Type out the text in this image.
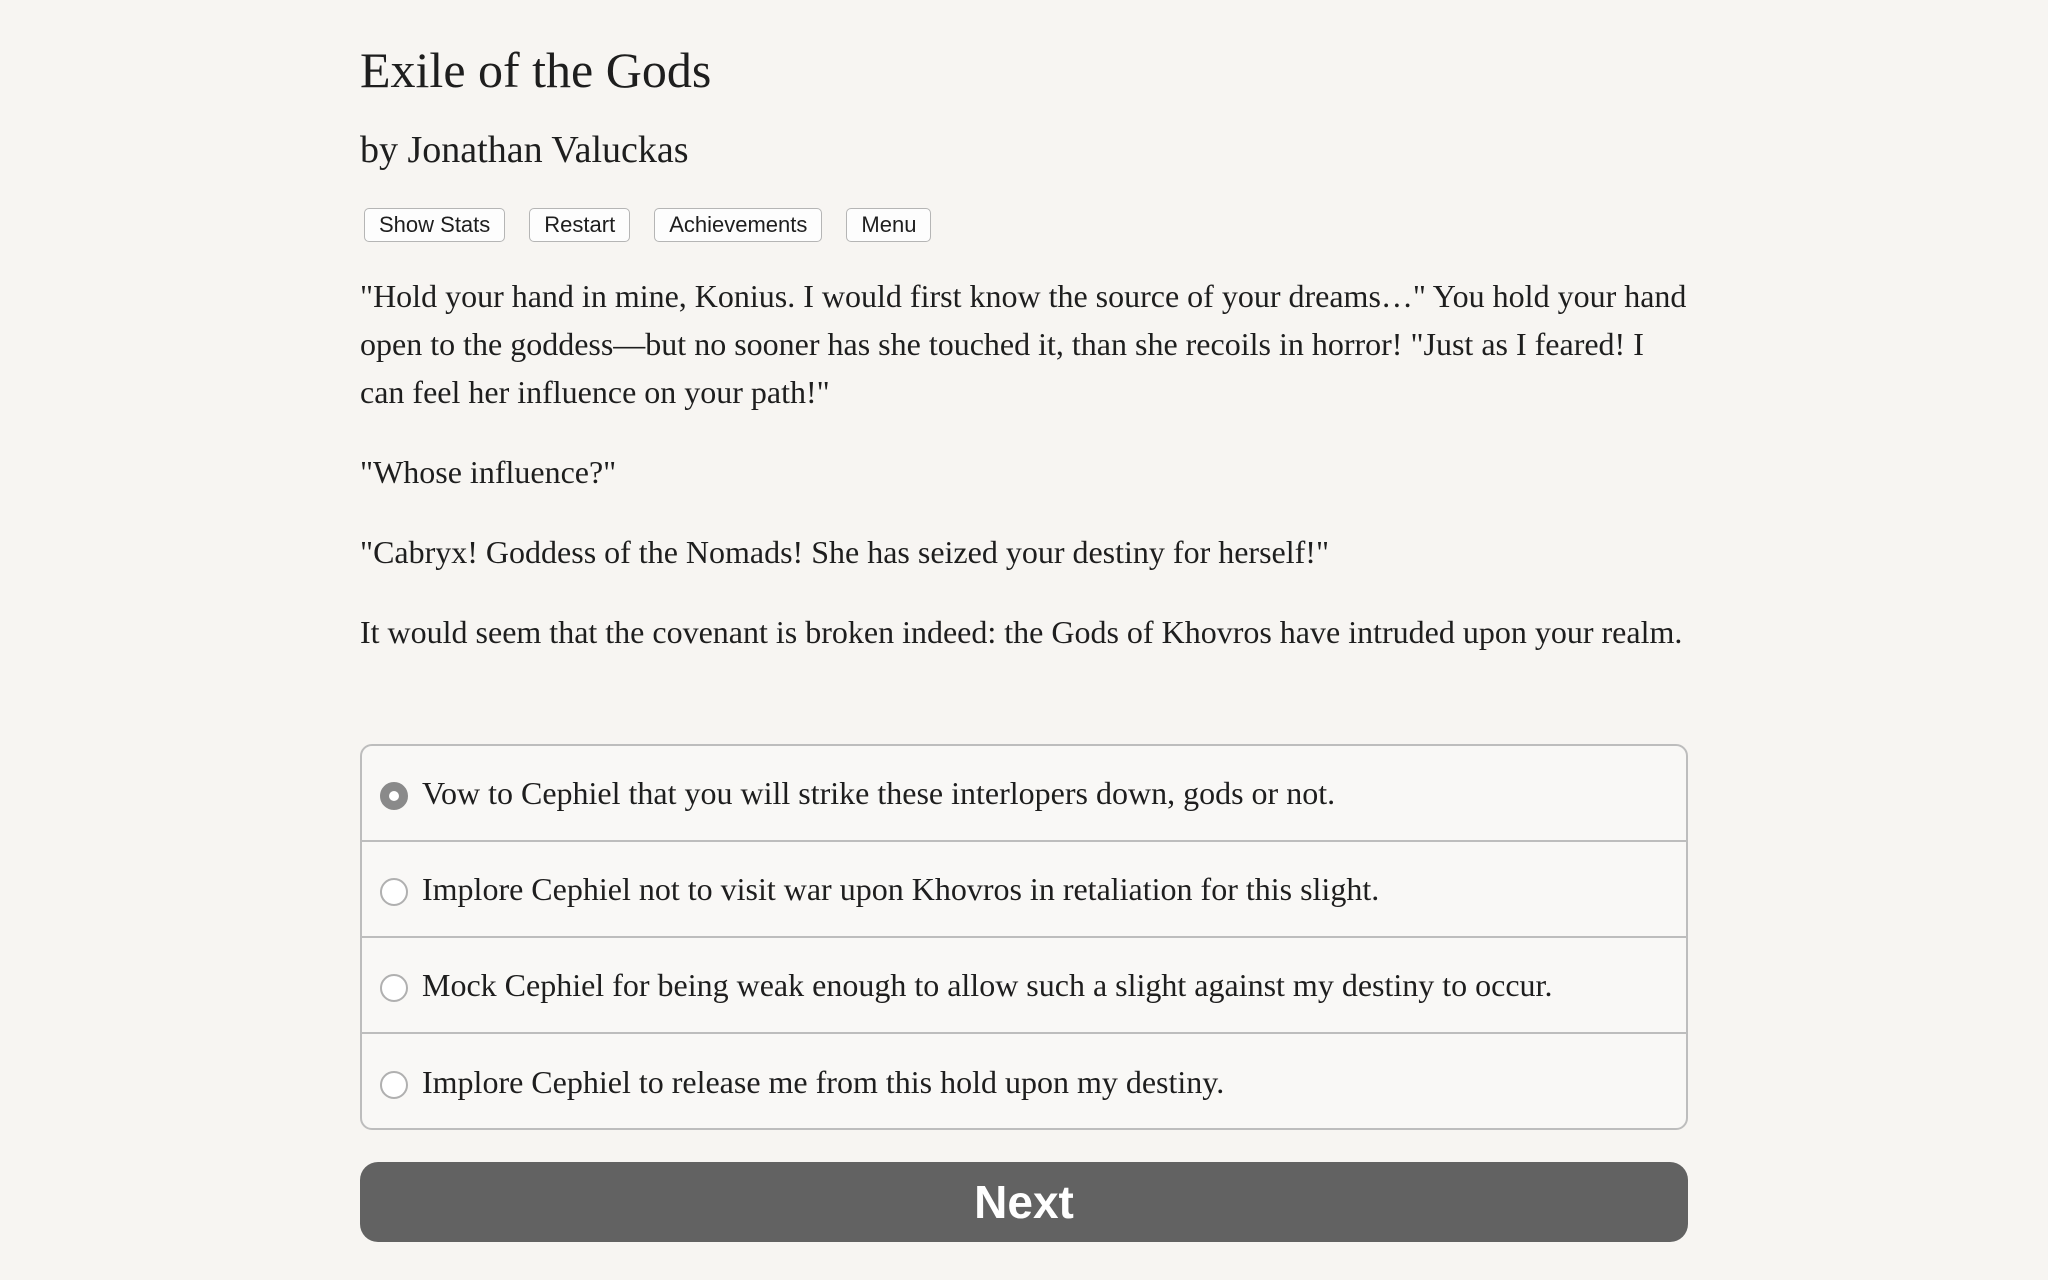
Exile of the Gods
by Jonathan Valuckas
Show Stats	Restart	Achievements	Menu

"Hold your hand in mine, Konius. I would first know the source of your dreams…" You hold your hand open to the goddess—but no sooner has she touched it, than she recoils in horror! "Just as I feared! I can feel her influence on your path!"

"Whose influence?"

"Cabryx! Goddess of the Nomads! She has seized your destiny for herself!"

It would seem that the covenant is broken indeed: the Gods of Khovros have intruded upon your realm.

Vow to Cephiel that you will strike these interlopers down, gods or not.
Implore Cephiel not to visit war upon Khovros in retaliation for this slight.
Mock Cephiel for being weak enough to allow such a slight against my destiny to occur.
Implore Cephiel to release me from this hold upon my destiny.
Next
